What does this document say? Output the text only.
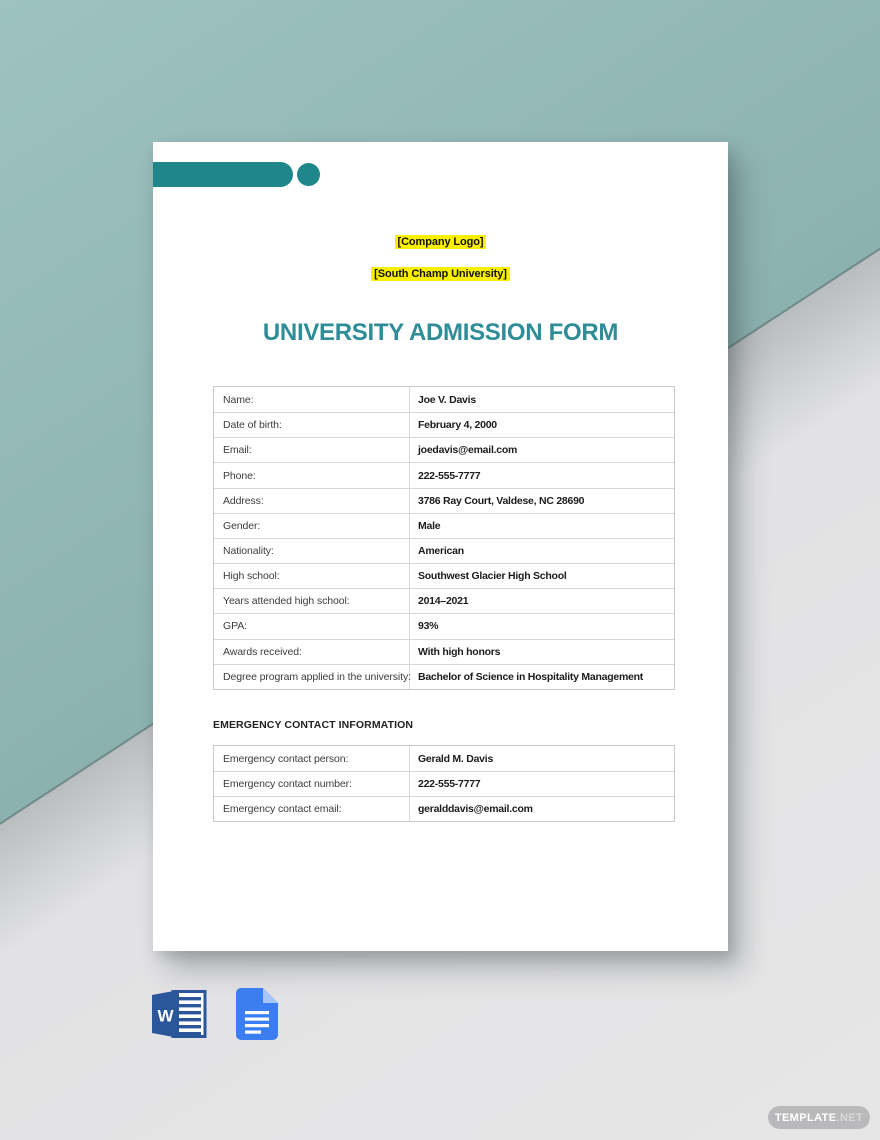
[Company Logo]
[South Champ University]
UNIVERSITY ADMISSION FORM
Name:	Joe V. Davis
Date of birth:	February 4, 2000
Email:	joedavis@email.com
Phone:	222-555-7777
Address:	3786 Ray Court, Valdese, NC 28690
Gender:	Male
Nationality:	American
High school:	Southwest Glacier High School
Years attended high school:	2014–2021
GPA:	93%
Awards received:	With high honors
Degree program applied in the university: Bachelor of Science in Hospitality Management
EMERGENCY CONTACT INFORMATION
Emergency contact person:	Gerald M. Davis
Emergency contact number:	222-555-7777
Emergency contact email:	geralddavis@email.com
W
TEMPLATE .NET
